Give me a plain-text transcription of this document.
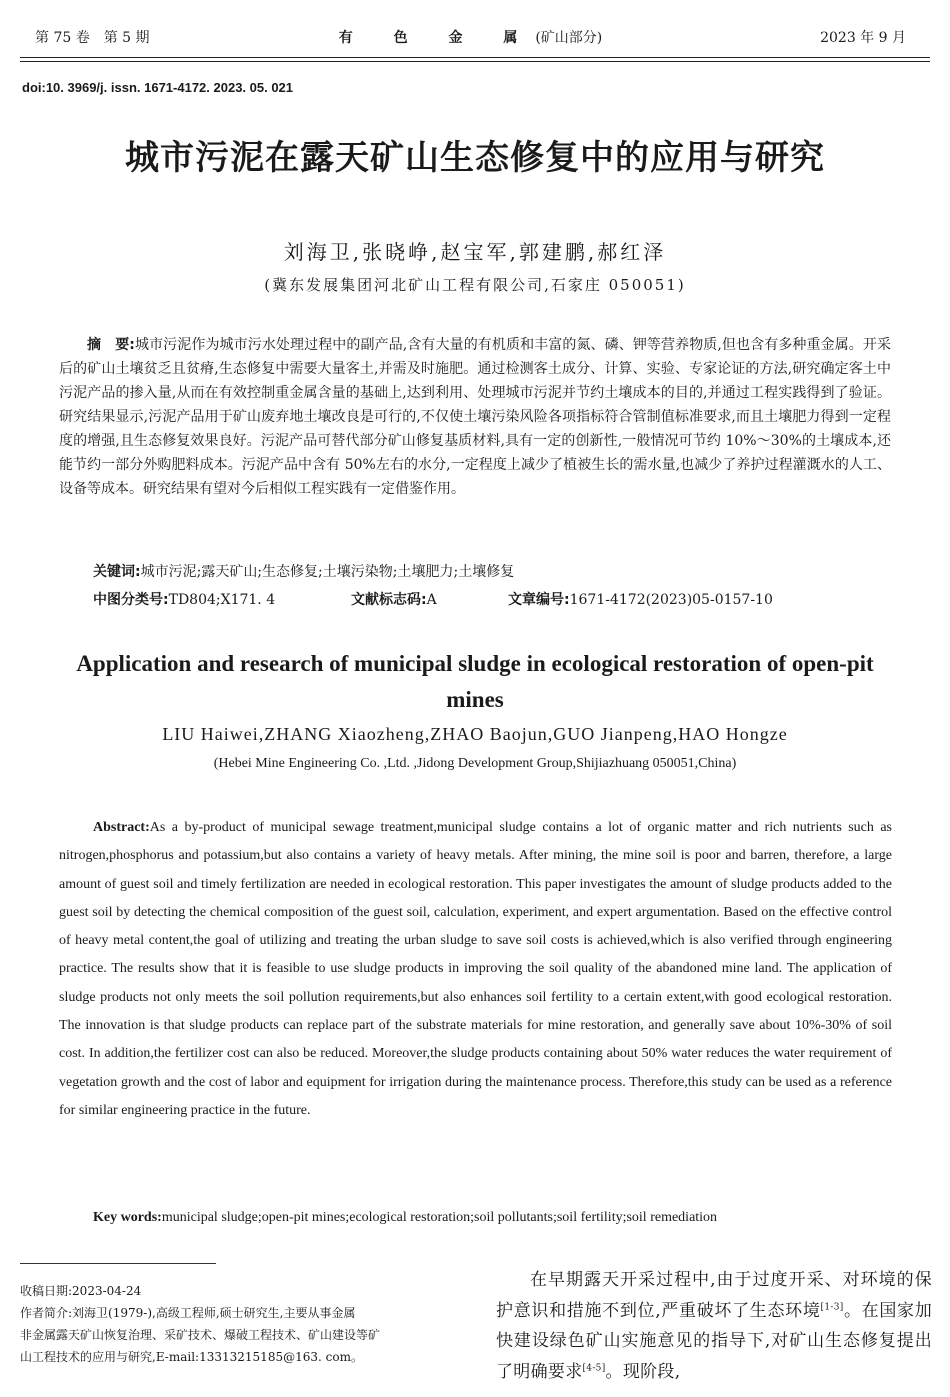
第 75 卷　第 5 期	有 色 金 属(矿山部分)	2023 年 9 月
doi:10. 3969/j. issn. 1671-4172. 2023. 05. 021
城市污泥在露天矿山生态修复中的应用与研究
刘海卫,张晓峥,赵宝军,郭建鹏,郝红泽
(冀东发展集团河北矿山工程有限公司,石家庄 050051)

摘　要:城市污泥作为城市污水处理过程中的副产品,含有大量的有机质和丰富的氮、磷、钾等营养物质,但也含有多种重金属。开采后的矿山土壤贫乏且贫瘠,生态修复中需要大量客土,并需及时施肥。通过检测客土成分、计算、实验、专家论证的方法,研究确定客土中污泥产品的掺入量,从而在有效控制重金属含量的基础上,达到利用、处理城市污泥并节约土壤成本的目的,并通过工程实践得到了验证。研究结果显示,污泥产品用于矿山废弃地土壤改良是可行的,不仅使土壤污染风险各项指标符合管制值标准要求,而且土壤肥力得到一定程度的增强,且生态修复效果良好。污泥产品可替代部分矿山修复基质材料,具有一定的创新性,一般情况可节约 10%～30%的土壤成本,还能节约一部分外购肥料成本。污泥产品中含有 50%左右的水分,一定程度上减少了植被生长的需水量,也减少了养护过程灌溉水的人工、设备等成本。研究结果有望对今后相似工程实践有一定借鉴作用。

关键词:城市污泥;露天矿山;生态修复;土壤污染物;土壤肥力;土壤修复
中图分类号:TD804;X171. 4	文献标志码:A	文章编号:1671-4172(2023)05-0157-10
Application and research of municipal sludge in ecological restoration of open-pit mines
LIU Haiwei,ZHANG Xiaozheng,ZHAO Baojun,GUO Jianpeng,HAO Hongze
(Hebei Mine Engineering Co. ,Ltd. ,Jidong Development Group,Shijiazhuang 050051,China)

Abstract:As a by-product of municipal sewage treatment,municipal sludge contains a lot of organic matter and rich nutrients such as nitrogen,phosphorus and potassium,but also contains a variety of heavy metals. After mining, the mine soil is poor and barren, therefore, a large amount of guest soil and timely fertilization are needed in ecological restoration. This paper investigates the amount of sludge products added to the guest soil by detecting the chemical composition of the guest soil, calculation, experiment, and expert argumentation. Based on the effective control of heavy metal content,the goal of utilizing and treating the urban sludge to save soil costs is achieved,which is also verified through engineering practice. The results show that it is feasible to use sludge products in improving the soil quality of the abandoned mine land. The application of sludge products not only meets the soil pollution requirements,but also enhances soil fertility to a certain extent,with good ecological restoration. The innovation is that sludge products can replace part of the substrate materials for mine restoration, and generally save about 10%-30% of soil cost. In addition,the fertilizer cost can also be reduced. Moreover,the sludge products containing about 50% water reduces the water requirement of vegetation growth and the cost of labor and equipment for irrigation during the maintenance process. Therefore,this study can be used as a reference for similar engineering practice in the future.

Key words:municipal sludge;open-pit mines;ecological restoration;soil pollutants;soil fertility;soil remediation
收稿日期:2023-04-24
作者简介:刘海卫(1979-),高级工程师,硕士研究生,主要从事金属
非金属露天矿山恢复治理、采矿技术、爆破工程技术、矿山建设等矿
山工程技术的应用与研究,E-mail:13313215185@163. com。

在早期露天开采过程中,由于过度开采、对环境的保护意识和措施不到位,严重破坏了生态环境[1-3]。在国家加快建设绿色矿山实施意见的指导下,对矿山生态修复提出了明确要求[4-5]。现阶段,
